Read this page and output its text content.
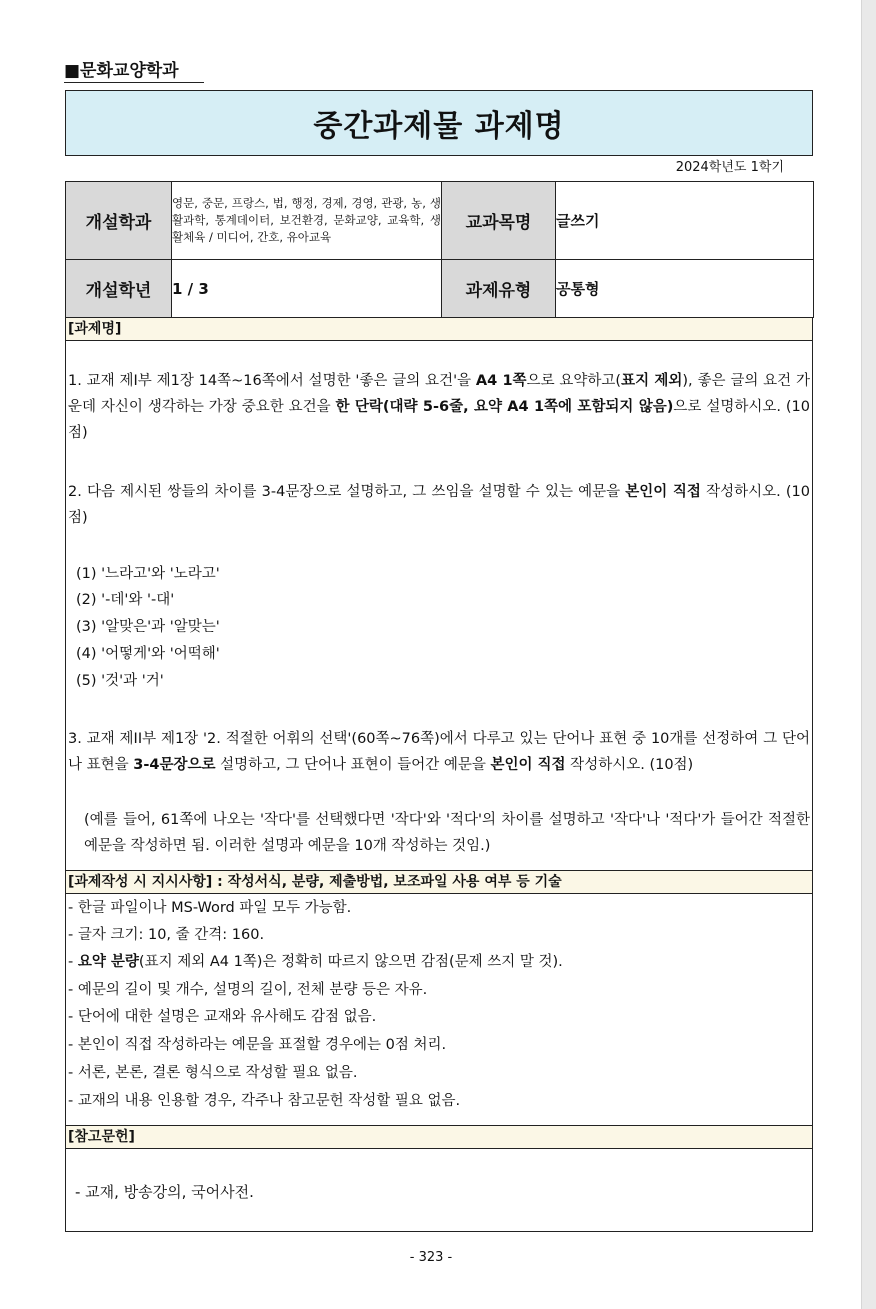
■문화교양학과
중간과제물 과제명
2024학년도 1학기
개설학과	영문, 중문, 프랑스, 법, 행정, 경제, 경영, 관광, 농, 생활과학, 통계데이터, 보건환경, 문화교양, 교육학, 생활체육 / 미디어, 간호, 유아교육	교과목명	글쓰기
개설학년	1 / 3	과제유형	공통형
[과제명]
1. 교재 제I부 제1장 14쪽~16쪽에서 설명한 '좋은 글의 요건'을 A4 1쪽으로 요약하고(표지 제외), 좋은 글의 요건 가운데 자신이 생각하는 가장 중요한 요건을 한 단락(대략 5-6줄, 요약 A4 1쪽에 포함되지 않음)으로 설명하시오. (10점)
2. 다음 제시된 쌍들의 차이를 3-4문장으로 설명하고, 그 쓰임을 설명할 수 있는 예문을 본인이 직접 작성하시오. (10점)
(1) '느라고'와 '노라고'
(2) '-데'와 '-대'
(3) '알맞은'과 '알맞는'
(4) '어떻게'와 '어떡해'
(5) '것'과 '거'
3. 교재 제II부 제1장 '2. 적절한 어휘의 선택'(60쪽~76쪽)에서 다루고 있는 단어나 표현 중 10개를 선정하여 그 단어나 표현을 3-4문장으로 설명하고, 그 단어나 표현이 들어간 예문을 본인이 직접 작성하시오. (10점)
(예를 들어, 61쪽에 나오는 '작다'를 선택했다면 '작다'와 '적다'의 차이를 설명하고 '작다'나 '적다'가 들어간 적절한 예문을 작성하면 됨. 이러한 설명과 예문을 10개 작성하는 것임.)
[과제작성 시 지시사항] : 작성서식, 분량, 제출방법, 보조파일 사용 여부 등 기술
- 한글 파일이나 MS-Word 파일 모두 가능함.
- 글자 크기: 10, 줄 간격: 160.
- 요약 분량(표지 제외 A4 1쪽)은 정확히 따르지 않으면 감점(문제 쓰지 말 것).
- 예문의 길이 및 개수, 설명의 길이, 전체 분량 등은 자유.
- 단어에 대한 설명은 교재와 유사해도 감점 없음.
- 본인이 직접 작성하라는 예문을 표절할 경우에는 0점 처리.
- 서론, 본론, 결론 형식으로 작성할 필요 없음.
- 교재의 내용 인용할 경우, 각주나 참고문헌 작성할 필요 없음.
[참고문헌]
- 교재, 방송강의, 국어사전.
- 323 -
